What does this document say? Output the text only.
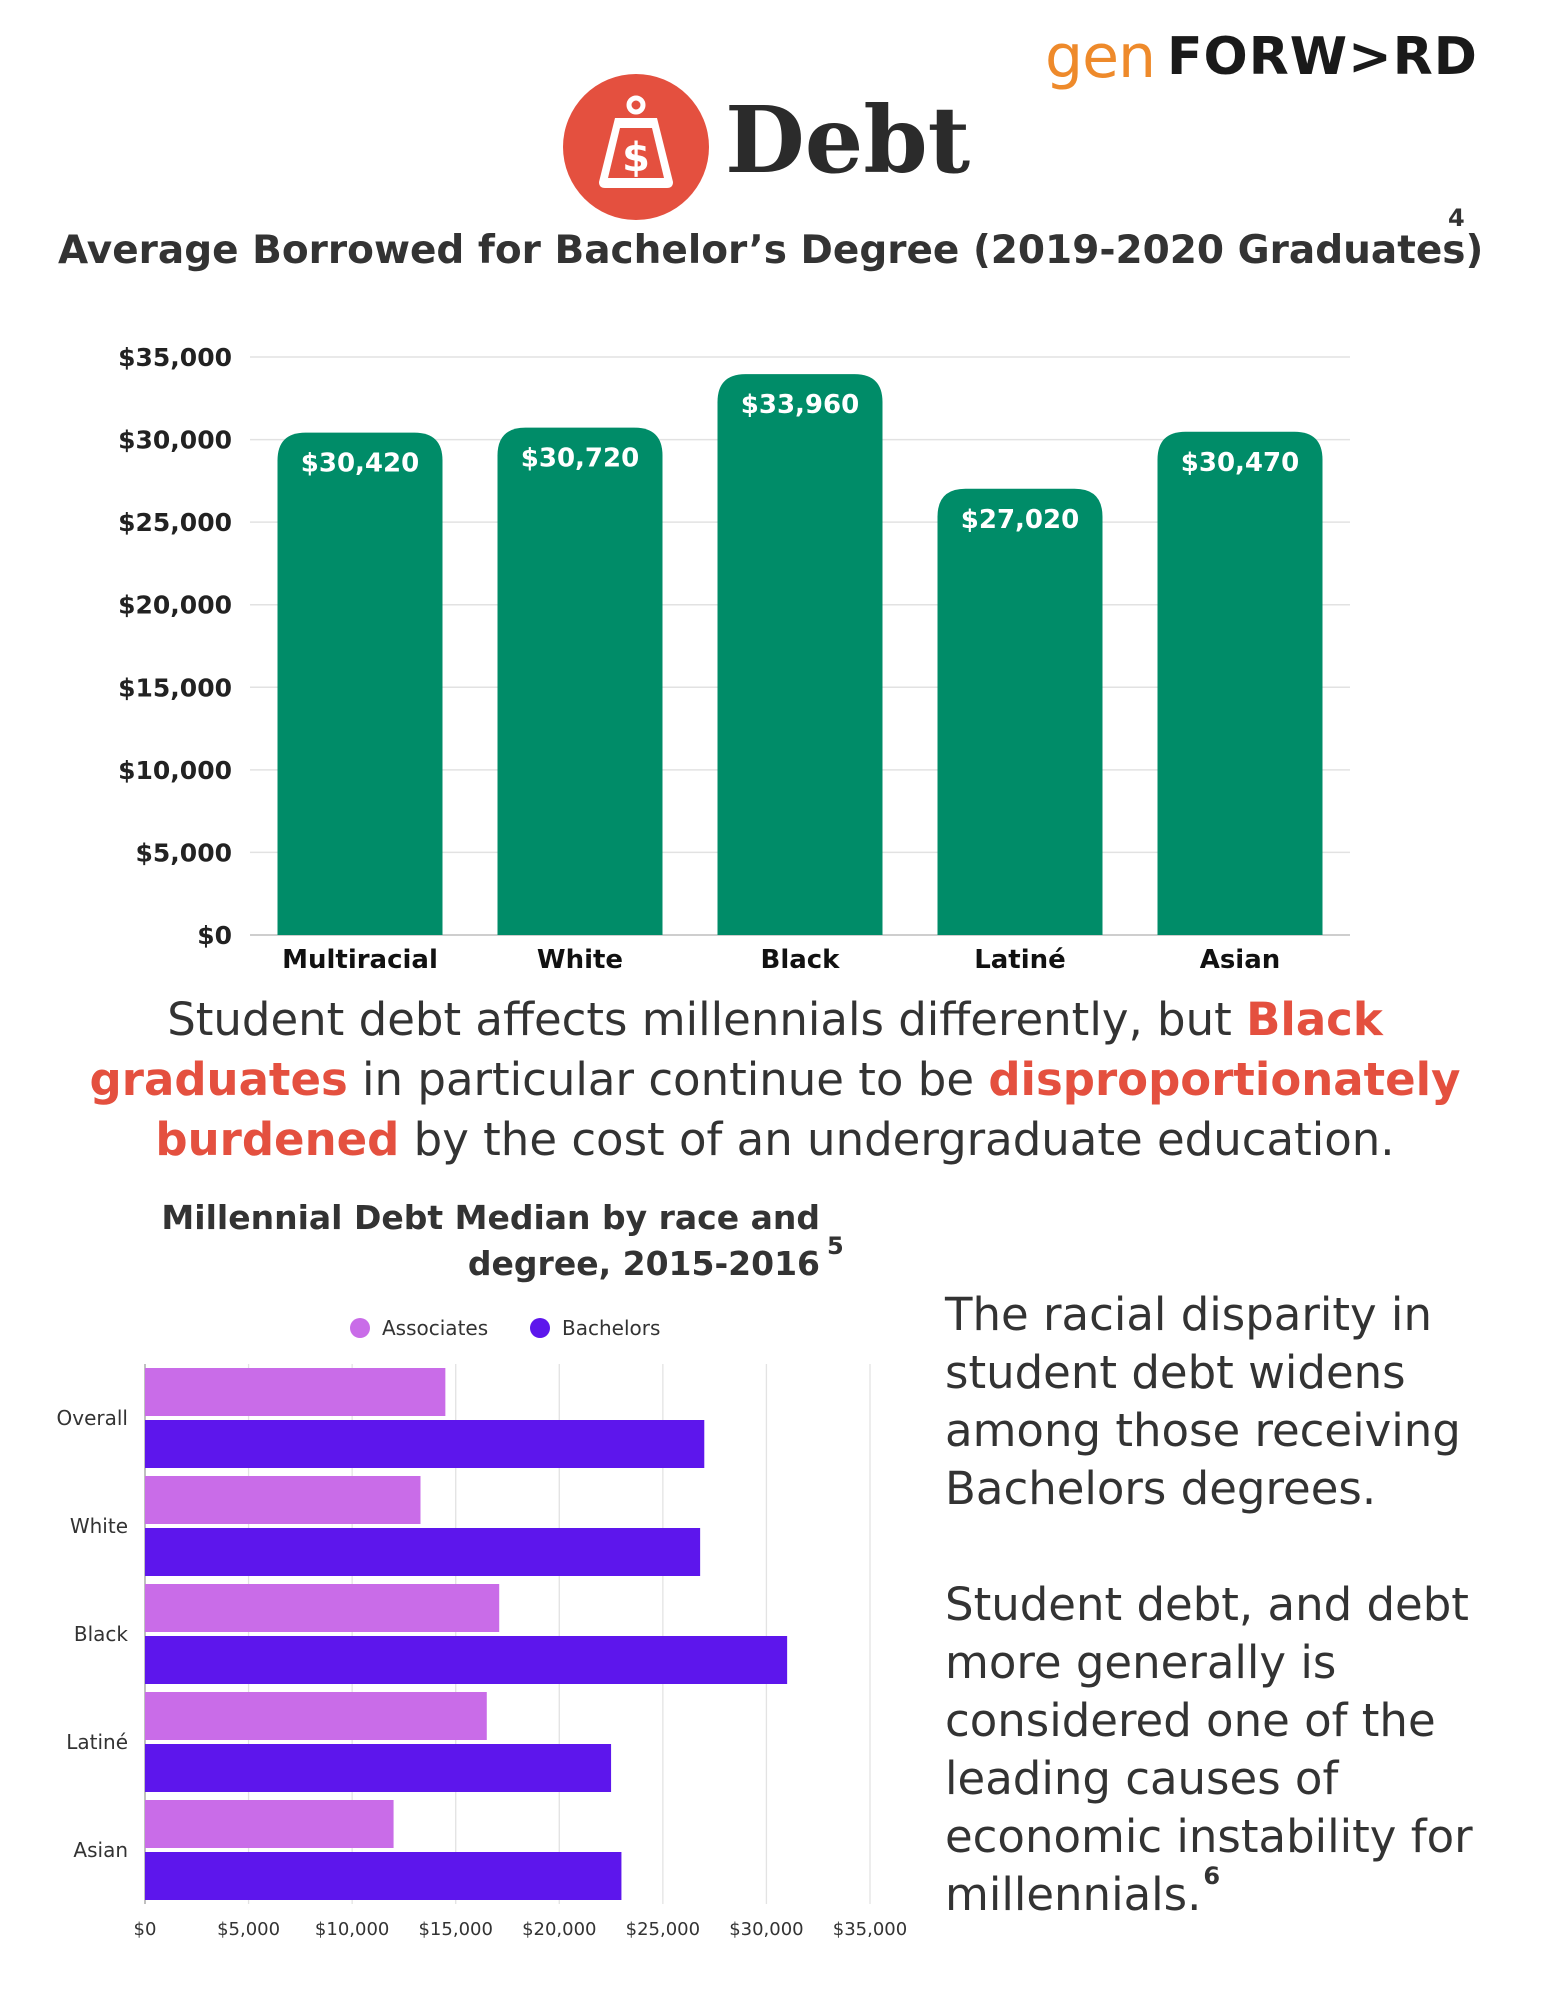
gen FORW>RD
$ Debt
Average Borrowed for Bachelor’s Degree (2019-2020 Graduates)
4
$0
$5,000
$10,000
$15,000
$20,000
$25,000
$30,000
$35,000
$30,420
Multiracial
$30,720
White
$33,960
Black
$27,020
Latiné
$30,470
Asian
Student debt affects millennials differently, but Black graduates in particular continue to be disproportionately burdened by the cost of an undergraduate education.
Millennial Debt Median by race and
degree, 2015-2016 5
Associates	Bachelors
$0	$5,000 $10,000 $15,000 $20,000 $25,000 $30,000 $35,000
Overall
White
Black
Latiné
Asian

The racial disparity in student debt widens among those receiving Bachelors degrees.

Student debt, and debt more generally is considered one of the leading causes of economic instability for millennials.$^6$
